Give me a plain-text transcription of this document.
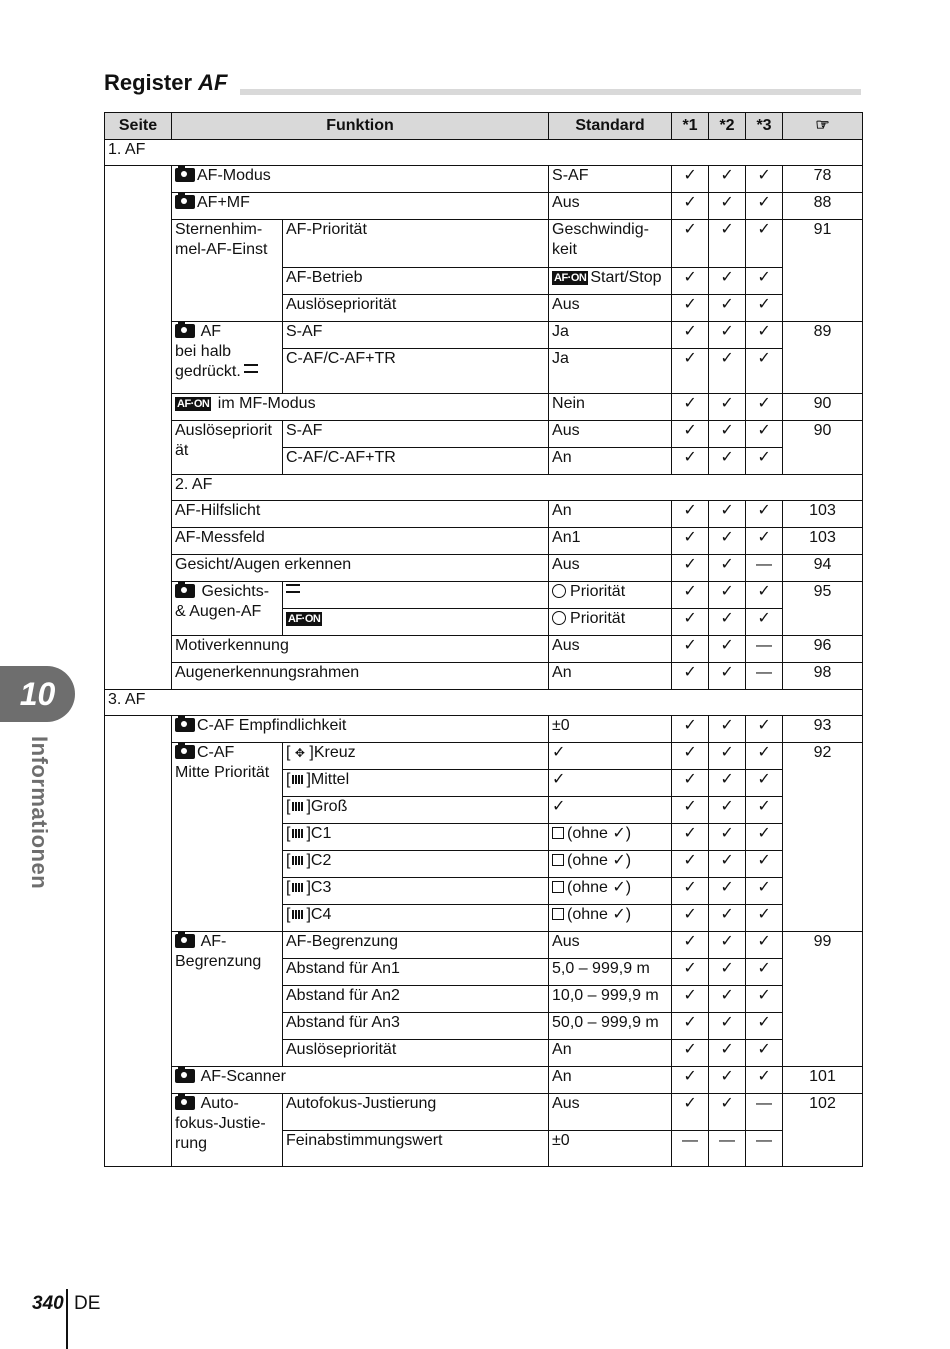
Register AF
Seite	Funktion		Standard	*1	*2	*3	☞
1. AF							
	AF-Modus		S-AF	✓	✓	✓	78
	AF+MF		Aus	✓	✓	✓	88
	Sternenhim-mel-AF-Einst	AF-Priorität	Geschwindig-keit	✓	✓	✓	91
		AF-Betrieb	AF·ON Start/Stop	✓	✓	✓	
		Auslösepriorität	Aus	✓	✓	✓	
	AF
bei halb
gedrückt.	S-AF	Ja	✓	✓	✓	89
		C-AF/C-AF+TR	Ja	✓	✓	✓	
	AF·ON im MF-Modus		Nein	✓	✓	✓	90
	Auslösepriorität	S-AF	Aus	✓	✓	✓	90
		C-AF/C-AF+TR	An	✓	✓	✓	
	2. AF						
	AF-Hilfslicht		An	✓	✓	✓	103
	AF-Messfeld		An1	✓	✓	✓	103
	Gesicht/Augen erkennen		Aus	✓	✓	—	94
	Gesichts-
& Augen-AF		Priorität	✓	✓	✓	95
		AF·ON	Priorität	✓	✓	✓	
	Motiverkennung		Aus	✓	✓	—	96
	Augenerkennungsrahmen		An	✓	✓	—	98
3. AF							
	C-AF Empfindlichkeit		±0	✓	✓	✓	93
	C-AF
Mitte Priorität	[ ✥ ]Kreuz	✓	✓	✓	✓	92
		[ ]Mittel	✓	✓	✓	✓	
		[ ]Groß	✓	✓	✓	✓	
		[ ]C1	(ohne ✓)	✓	✓	✓	
		[ ]C2	(ohne ✓)	✓	✓	✓	
		[ ]C3	(ohne ✓)	✓	✓	✓	
		[ ]C4	(ohne ✓)	✓	✓	✓	
	AF-
Begrenzung	AF-Begrenzung	Aus	✓	✓	✓	99
		Abstand für An1	5,0 – 999,9 m	✓	✓	✓	
		Abstand für An2	10,0 – 999,9 m	✓	✓	✓	
		Abstand für An3	50,0 – 999,9 m	✓	✓	✓	
		Auslösepriorität	An	✓	✓	✓	
	AF-Scanner		An	✓	✓	✓	101
	Auto-
fokus-Justie-
rung	Autofokus-Justierung	Aus	✓	✓	—	102
		Feinabstimmungswert	±0	—	—	—	
10
Informationen
340 DE
